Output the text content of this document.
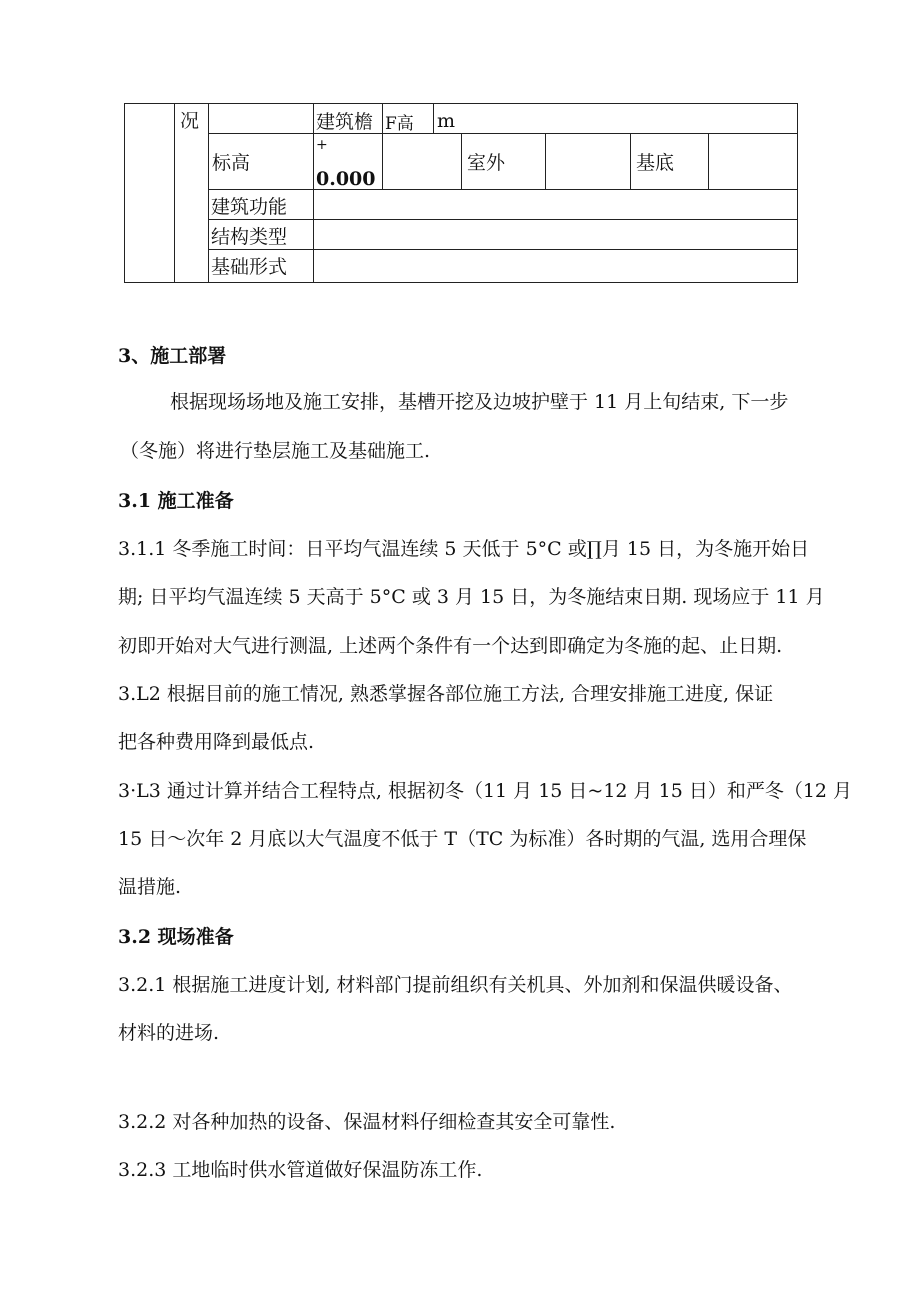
况	建筑檐 F高 m
标高
+
0.000
室外	基底
建筑功能
结构类型
基础形式
3、施工部署
根据现场场地及施工安排，基槽开挖及边坡护壁于 11 月上旬结束, 下一步
（冬施）将进行垫层施工及基础施工.
3.1 施工准备
3.1.1 冬季施工时间：日平均气温连续 5 天低于 5°C 或∏月 15 日，为冬施开始日
期; 日平均气温连续 5 天高于 5°C 或 3 月 15 日，为冬施结束日期. 现场应于 11 月
初即开始对大气进行测温, 上述两个条件有一个达到即确定为冬施的起、止日期.
3.L2 根据目前的施工情况, 熟悉掌握各部位施工方法, 合理安排施工进度, 保证
把各种费用降到最低点.
3·L3 通过计算并结合工程特点, 根据初冬（11 月 15 日~12 月 15 日）和严冬（12 月
15 日～次年 2 月底以大气温度不低于 T（TC 为标准）各时期的气温, 选用合理保
温措施.
3.2 现场准备
3.2.1 根据施工进度计划, 材料部门提前组织有关机具、外加剂和保温供暖设备、
材料的进场.
3.2.2 对各种加热的设备、保温材料仔细检查其安全可靠性.
3.2.3 工地临时供水管道做好保温防冻工作.
